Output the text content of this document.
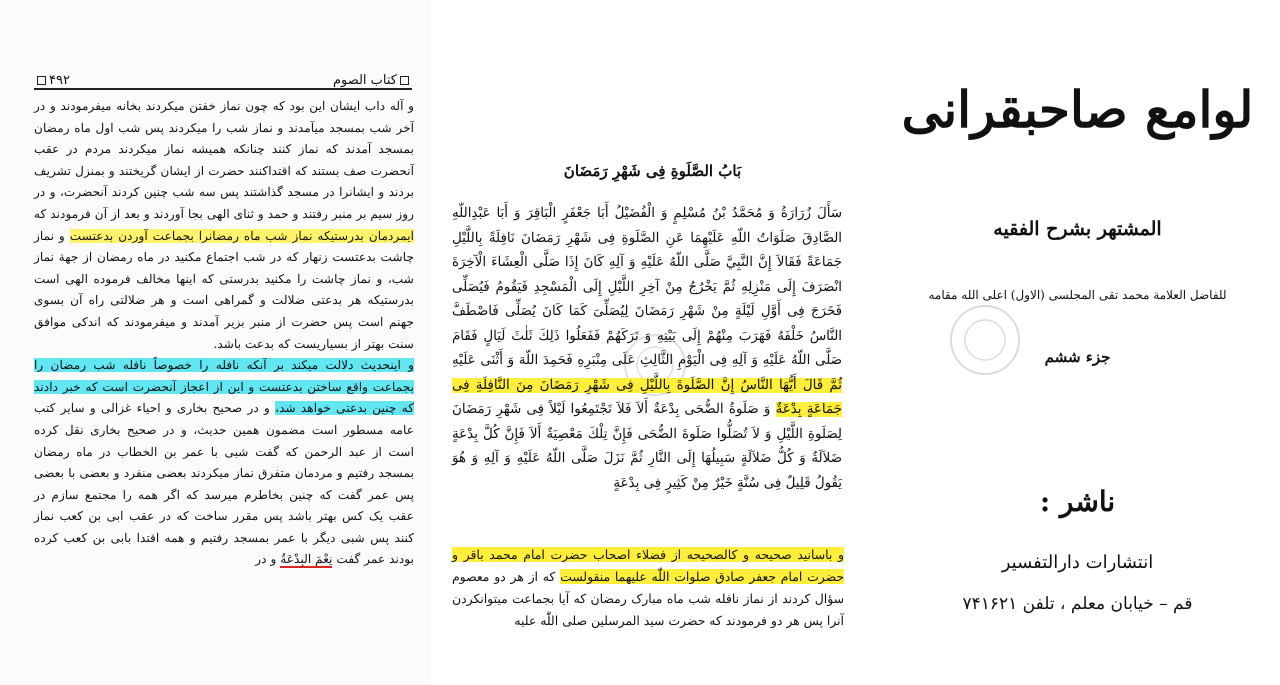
كتاب الصوم
۴۹۲

و آله داب ایشان این بود که چون نماز خفتن میکردند بخانه میفرمودند و در آخر شب بمسجد میآمدند و نماز شب را میکردند پس شب اول ماه رمضان بمسجد آمدند که نماز کنند چنانکه همیشه نماز میکردند مردم در عقب آنحضرت صف بستند که اقتداکنند حضرت از ایشان گریختند و بمنزل تشریف بردند و ایشانرا در مسجد گذاشتند پس سه شب چنین کردند آنحضرت، و در روز سیم بر منبر رفتند و حمد و ثنای الهی بجا آوردند و بعد از آن فرمودند که ایمردمان بدرستیکه نماز شب ماه رمضانرا بجماعت آوردن بدعتست و نماز چاشت بدعتست زنهار که در شب اجتماع مکنید در ماه رمضان از جهة نماز شب، و نماز چاشت را مکنید بدرستی که اینها مخالف فرموده الهی است بدرستیکه هر بدعتی ضلالت و گمراهی است و هر ضلالتی راه آن بسوی جهنم است پس حضرت از منبر بزیر آمدند و میفرمودند که اندکی موافق سنت بهتر از بسیاریست که بدعت باشد.

و اینحدیث دلالت میکند بر آنکه نافله را خصوصاً نافله شب رمضان را بجماعت واقع ساختن بدعتست و این از اعجاز آنحضرت است که خبر دادند که چنین بدعتی خواهد شد، و در صحیح بخاری و احیاء غزالی و سایر کتب عامه مسطور است مضمون همین حدیث، و در صحیح بخاری نقل کرده است از عبد الرحمن که گفت شبی با عمر بن الخطاب در ماه رمضان بمسجد رفتیم و مردمان متفرق نماز میکردند بعضی منفرد و بعضی با بعضی پس عمر گفت که چنین بخاطرم میرسد که اگر همه را مجتمع سازم در عقب یک کس بهتر باشد پس مقرر ساخت که در عقب ابی بن کعب نماز کنند پس شبی دیگر با عمر بمسجد رفتیم و همه اقتدا بابی بن کعب کرده بودند عمر گفت نِعْمَ البِدْعَةُ و در

بَابُ الصَّلَوةِ فِى شَهْرِ رَمَضَانَ
سَأَلَ زُرَارَةُ وَ مُحَمَّدُ بْنُ مُسْلِمٍ وَ الْفُضَيْلُ أَبَا جَعْفَرٍ الْبَاقِرَ وَ أَبَا عَبْدِاللّهِ الصَّادِقَ صَلَوَاتُ اللّهِ عَلَيْهِمَا عَنِ الصَّلَوةِ فِى شَهْرِ رَمَضَانَ نَافِلَةً بِاللَّيْلِ جَمَاعَةً فَقَالاَ إِنَّ النَّبِيَّ صَلَّى اللّهُ عَلَيْهِ وَ آلِهِ كَانَ إِذَا صَلَّى الْعِشَاءَ الْآخِرَةَ انْصَرَفَ إِلَى مَنْزِلِهِ ثُمَّ يَخْرُجُ مِنْ آخِرِ اللَّيْلِ إِلَى الْمَسْجِدِ فَيَقُومُ فَيُصَلِّى فَخَرَجَ فِى أَوَّلِ لَيْلَةٍ مِنْ شَهْرِ رَمَضَانَ لِيُصَلِّىَ كَمَا كَانَ يُصَلِّى فَاصْطَفَّ النَّاسُ خَلْفَهُ فَهَرَبَ مِنْهُمْ إِلَى بَيْتِهِ وَ تَرَكَهُمْ فَفَعَلُوا ذَلِكَ ثَلٰثَ لَيَالٍ فَقَامَ صَلَّى اللّهُ عَلَيْهِ وَ آلِهِ فِى الْيَوْمِ الثَّالِثِ عَلَى مِنْبَرِهِ فَحَمِدَ اللّهَ وَ أَثْنَى عَلَيْهِ ثُمَّ قَالَ أَيُّهَا النَّاسُ إِنَّ الصَّلَوةَ بِاللَّيْلِ فِى شَهْرِ رَمَضَانَ مِنَ النَّافِلَةِ فِى جَمَاعَةٍ بِدْعَةٌ وَ صَلَوةُ الضُّحَى بِدْعَةٌ أَلاَ فَلاَ تَجْتَمِعُوا لَيْلاً فِى شَهْرِ رَمَضَانَ لِصَلَوةِ اللَّيْلِ وَ لاَ تُصَلُّوا صَلَوةَ الضُّحَى فَإِنَّ تِلْكَ مَعْصِيَةٌ أَلاَ فَإِنَّ كُلَّ بِدْعَةٍ ضَلاَلَةٌ وَ كُلُّ ضَلاَلَةٍ سَبِيلُهَا إِلَى النَّارِ ثُمَّ نَزَلَ صَلَّى اللّهُ عَلَيْهِ وَ آلِهِ وَ هُوَ يَقُولُ قَلِيلٌ فِى سُنَّةٍ خَيْرٌ مِنْ كَثِيرٍ فِى بِدْعَةٍ
و باسانید صحیحه و کالصحیحه از فضلاء اصحاب حضرت امام محمد باقر و حضرت امام جعفر صادق صلوات اللّٰه علیهما منقولست که از هر دو معصوم سؤال کردند از نماز نافله شب ماه مبارک رمضان که آیا بجماعت میتوانکردن آنرا پس هر دو فرمودند که حضرت سید المرسلین صلی اللّٰه علیه
لوامع صاحبقرانی
المشتهر بشرح الفقیه
للفاضل العلامة محمد تقی المجلسی (الاول) اعلی الله مقامه
جزء ششم
ناشر :
انتشارات دارالتفسیر
قم – خیابان معلم ، تلفن ۷۴۱۶۲۱
